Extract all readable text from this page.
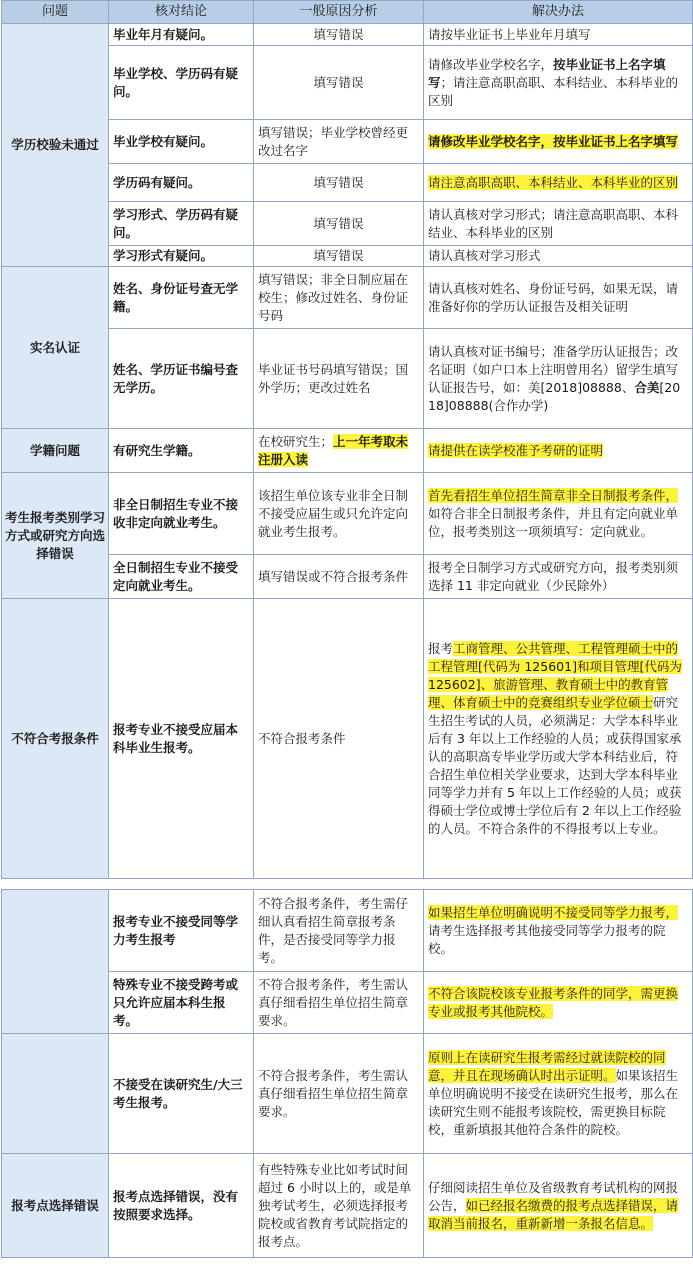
问题	核对结论	一般原因分析	解决办法
学历校验未通过	毕业年月有疑问。	填写错误	请按毕业证书上毕业年月填写
	毕业学校、学历码有疑问。	填写错误	请修改毕业学校名字，按毕业证书上名字填写；请注意高职高职、本科结业、本科毕业的区别
	毕业学校有疑问。	填写错误；毕业学校曾经更改过名字	请修改毕业学校名字，按毕业证书上名字填写
	学历码有疑问。	填写错误	请注意高职高职、本科结业、本科毕业的区别
	学习形式、学历码有疑问。	填写错误	请认真核对学习形式；请注意高职高职、本科结业、本科毕业的区别
	学习形式有疑问。	填写错误	请认真核对学习形式
实名认证	姓名、身份证号查无学籍。	填写错误；非全日制应届在校生；修改过姓名、身份证号码	请认真核对姓名、身份证号码，如果无误，请准备好你的学历认证报告及相关证明
	姓名、学历证书编号查无学历。	毕业证书号码填写错误；国外学历；更改过姓名	请认真核对证书编号；准备学历认证报告；改名证明（如户口本上注明曾用名）留学生填写认证报告号，如：美[2018]08888、合美[2018]08888(合作办学)
学籍问题	有研究生学籍。	在校研究生；上一年考取未注册入读	请提供在读学校准予考研的证明
考生报考类别学习方式或研究方向选择错误	非全日制招生专业不接收非定向就业考生。	该招生单位该专业非全日制不接受应届生或只允许定向就业考生报考。	首先看招生单位招生简章非全日制报考条件，如符合非全日制报考条件，并且有定向就业单位，报考类别这一项须填写：定向就业。
	全日制招生专业不接受定向就业考生。	填写错误或不符合报考条件	报考全日制学习方式或研究方向，报考类别须选择 11 非定向就业（少民除外）
不符合考报条件	报考专业不接受应届本科毕业生报考。	不符合报考条件	报考工商管理、公共管理、工程管理硕士中的工程管理[代码为 125601]和项目管理[代码为 125602]、旅游管理、教育硕士中的教育管理、体育硕士中的竞赛组织专业学位硕士研究生招生考试的人员，必须满足：大学本科毕业后有 3 年以上工作经验的人员；或获得国家承认的高职高专毕业学历或大学本科结业后，符合招生单位相关学业要求，达到大学本科毕业同等学力并有 5 年以上工作经验的人员；或获得硕士学位或博士学位后有 2 年以上工作经验的人员。不符合条件的不得报考以上专业。

	报考专业不接受同等学力考生报考	不符合报考条件，考生需仔细认真看招生简章报考条件，是否接受同等学力报考。	如果招生单位明确说明不接受同等学力报考，请考生选择报考其他接受同等学力报考的院校。
	特殊专业不接受跨考或只允许应届本科生报考。	不符合报考条件，考生需认真仔细看招生单位招生简章要求。	不符合该院校该专业报考条件的同学，需更换专业或报考其他院校。
	不接受在读研究生/大三考生报考。	不符合报考条件，考生需认真仔细看招生单位招生简章要求。	原则上在读研究生报考需经过就读院校的同意，并且在现场确认时出示证明。如果该招生单位明确说明不接受在读研究生报考，那么在读研究生则不能报考该院校，需更换目标院校，重新填报其他符合条件的院校。
报考点选择错误	报考点选择错误，没有按照要求选择。	有些特殊专业比如考试时间超过 6 小时以上的，或是单独考试考生，必须选择报考院校或省教育考试院指定的报考点。	仔细阅读招生单位及省级教育考试机构的网报公告，如已经报名缴费的报考点选择错误，请取消当前报名，重新新增一条报名信息。
